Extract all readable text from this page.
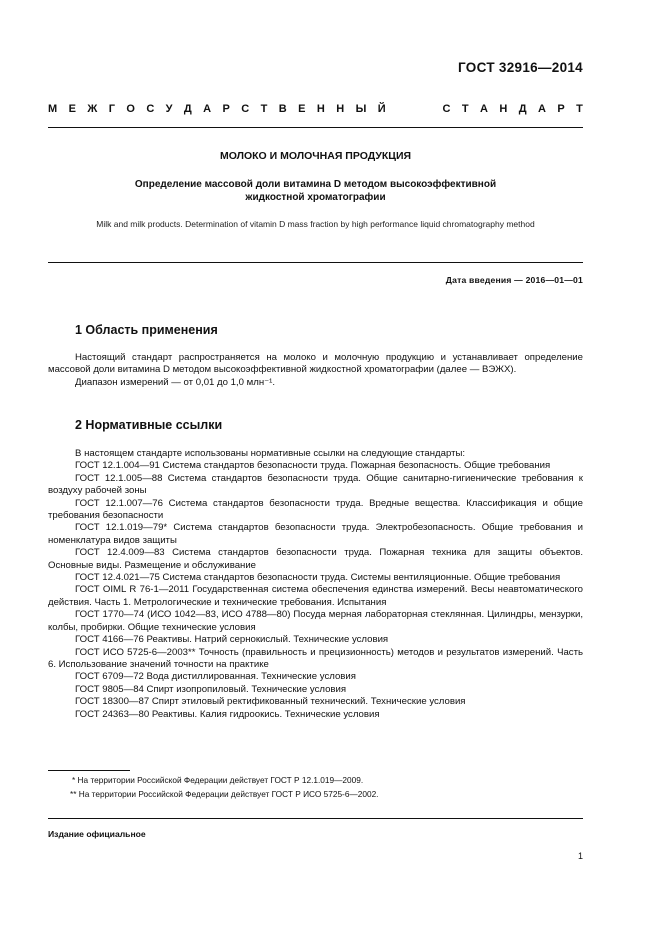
ГОСТ 32916—2014
М Е Ж Г О С У Д А Р С Т В Е Н Н Ы Й	С Т А Н Д А Р Т
МОЛОКО И МОЛОЧНАЯ ПРОДУКЦИЯ
Определение массовой доли витамина D методом высокоэффективной
жидкостной хроматографии
Milk and milk products. Determination of vitamin D mass fraction by high performance liquid chromatography method
Дата введения — 2016—01—01
1 Область применения

Настоящий стандарт распространяется на молоко и молочную продукцию и устанавливает определение массовой доли витамина D методом высокоэффективной жидкостной хроматографии (далее — ВЭЖХ).

Диапазон измерений — от 0,01 до 1,0 млн⁻¹.

2 Нормативные ссылки

В настоящем стандарте использованы нормативные ссылки на следующие стандарты:

ГОСТ 12.1.004—91 Система стандартов безопасности труда. Пожарная безопасность. Общие требования

ГОСТ 12.1.005—88 Система стандартов безопасности труда. Общие санитарно-гигиенические требования к воздуху рабочей зоны

ГОСТ 12.1.007—76 Система стандартов безопасности труда. Вредные вещества. Классификация и общие требования безопасности

ГОСТ 12.1.019—79* Система стандартов безопасности труда. Электробезопасность. Общие требования и номенклатура видов защиты

ГОСТ 12.4.009—83 Система стандартов безопасности труда. Пожарная техника для защиты объектов. Основные виды. Размещение и обслуживание

ГОСТ 12.4.021—75 Система стандартов безопасности труда. Системы вентиляционные. Общие требования

ГОСТ OIML R 76-1—2011 Государственная система обеспечения единства измерений. Весы неавтоматического действия. Часть 1. Метрологические и технические требования. Испытания

ГОСТ 1770—74 (ИСО 1042—83, ИСО 4788—80) Посуда мерная лабораторная стеклянная. Цилиндры, мензурки, колбы, пробирки. Общие технические условия

ГОСТ 4166—76 Реактивы. Натрий сернокислый. Технические условия

ГОСТ ИСО 5725-6—2003** Точность (правильность и прецизионность) методов и результатов измерений. Часть 6. Использование значений точности на практике

ГОСТ 6709—72 Вода дистиллированная. Технические условия

ГОСТ 9805—84 Спирт изопропиловый. Технические условия

ГОСТ 18300—87 Спирт этиловый ректификованный технический. Технические условия

ГОСТ 24363—80 Реактивы. Калия гидроокись. Технические условия

* На территории Российской Федерации действует ГОСТ Р 12.1.019—2009.
** На территории Российской Федерации действует ГОСТ Р ИСО 5725-6—2002.
Издание официальное
1
